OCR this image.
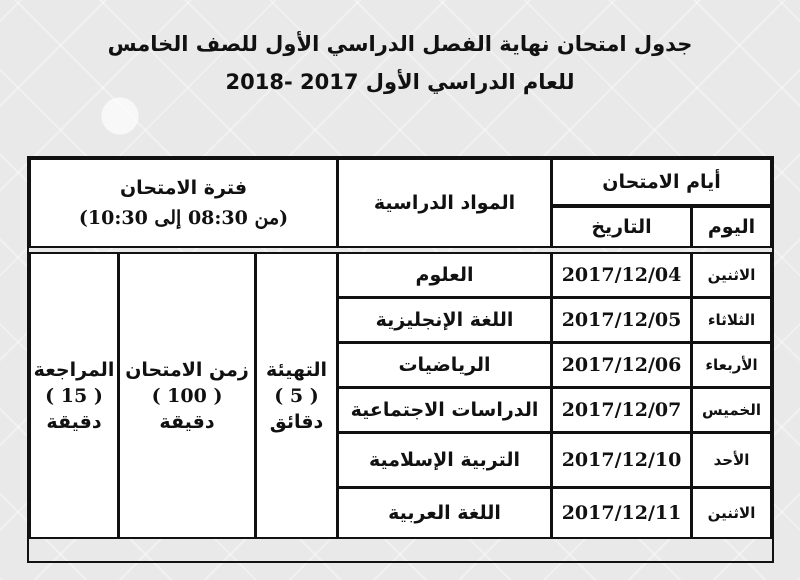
جدول امتحان نهاية الفصل الدراسي الأول للصف الخامس
للعام الدراسي الأول 2017 -2018
أيام الامتحان
اليوم
التاريخ
المواد الدراسية
فترة الامتحان
(من 08:30 إلى 10:30)
الاثنين
2017/12/04
العلوم
الثلاثاء
2017/12/05
اللغة الإنجليزية
الأربعاء
2017/12/06
الرياضيات
الخميس
2017/12/07
الدراسات الاجتماعية
الأحد
2017/12/10
التربية الإسلامية
الاثنين
2017/12/11
اللغة العربية
التهيئة
( 5 )
دقائق
زمن الامتحان
( 100 )
دقيقة
المراجعة
( 15 )
دقيقة
